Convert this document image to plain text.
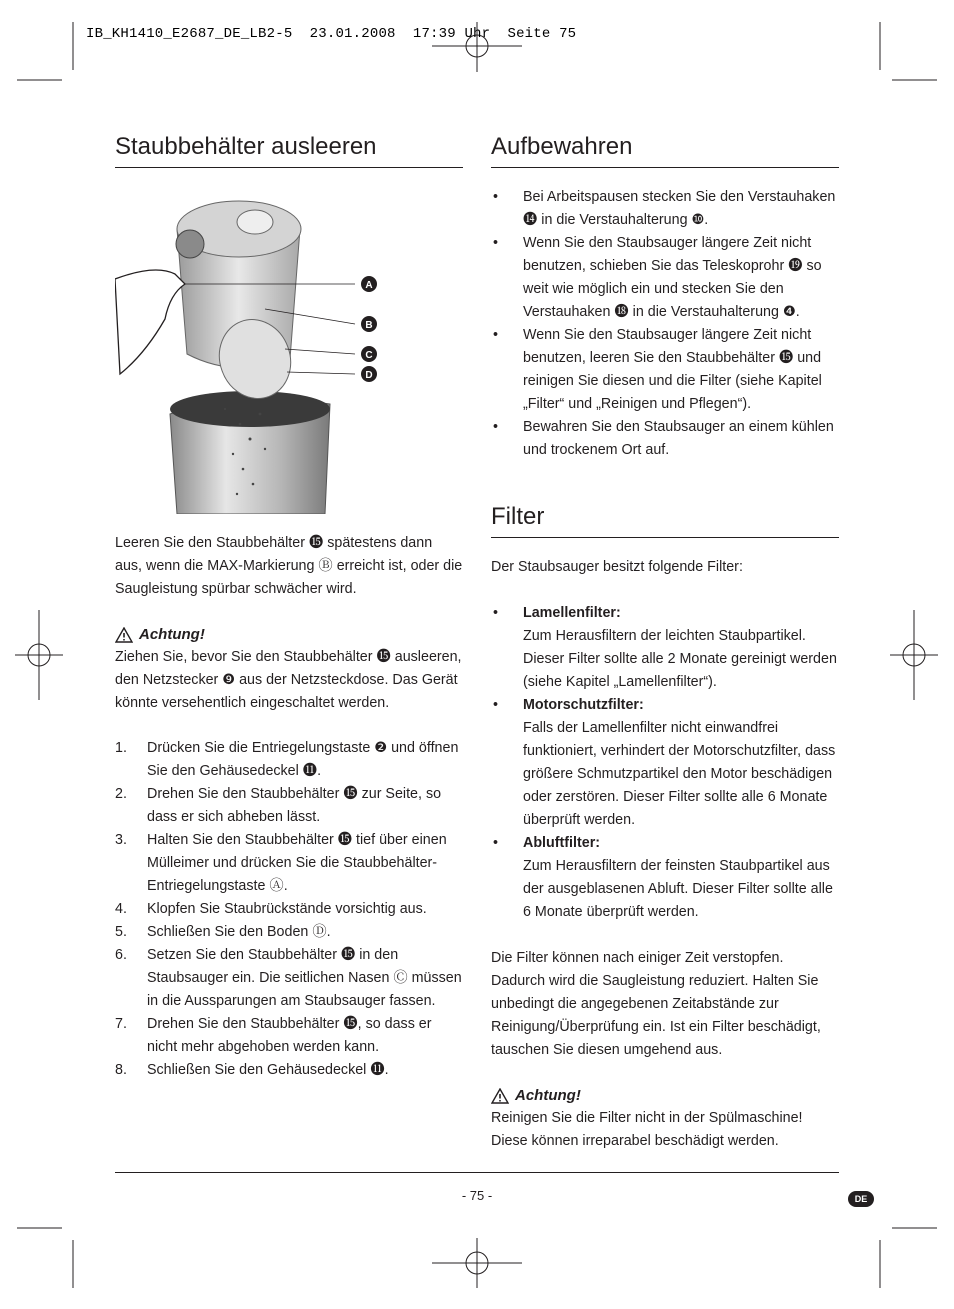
IB_KH1410_E2687_DE_LB2-5  23.01.2008  17:39 Uhr  Seite 75
Staubbehälter ausleeren
A
B
C
D

Leeren Sie den Staubbehälter ⓯ spätestens dann aus, wenn die MAX-Markierung Ⓑ erreicht ist, oder die Saugleistung spürbar schwächer wird.

Achtung!

Ziehen Sie, bevor Sie den Staubbehälter ⓯ ausleeren, den Netzstecker ❾ aus der Netzsteckdose. Das Gerät könnte versehentlich eingeschaltet werden.

1. Drücken Sie die Entriegelungstaste ❷ und öffnen Sie den Gehäusedeckel ⓫.
2. Drehen Sie den Staubbehälter ⓯ zur Seite, so dass er sich abheben lässt.
3. Halten Sie den Staubbehälter ⓯ tief über einen Mülleimer und drücken Sie die Staubbehälter-Entriegelungstaste Ⓐ.
4. Klopfen Sie Staubrückstände vorsichtig aus.
5. Schließen Sie den Boden Ⓓ.
6. Setzen Sie den Staubbehälter ⓯ in den Staubsauger ein. Die seitlichen Nasen Ⓒ müssen in die Aussparungen am Staubsauger fassen.
7. Drehen Sie den Staubbehälter ⓯, so dass er nicht mehr abgehoben werden kann.
8. Schließen Sie den Gehäusedeckel ⓫.
Aufbewahren
• Bei Arbeitspausen stecken Sie den Verstauhaken ⓮ in die Verstauhalterung ❿.
• Wenn Sie den Staubsauger längere Zeit nicht benutzen, schieben Sie das Teleskoprohr ⓳ so weit wie möglich ein und stecken Sie den Verstauhaken ⓲ in die Verstauhalterung ❹.
• Wenn Sie den Staubsauger längere Zeit nicht benutzen, leeren Sie den Staubbehälter ⓯ und reinigen Sie diesen und die Filter (siehe Kapitel „Filter“ und „Reinigen und Pflegen“).
• Bewahren Sie den Staubsauger an einem kühlen und trockenem Ort auf.
Filter

Der Staubsauger besitzt folgende Filter:

• Lamellenfilter:
Zum Herausfiltern der leichten Staubpartikel. Dieser Filter sollte alle 2 Monate gereinigt werden (siehe Kapitel „Lamellenfilter“).
• Motorschutzfilter:
Falls der Lamellenfilter nicht einwandfrei funktioniert, verhindert der Motorschutzfilter, dass größere Schmutzpartikel den Motor beschädigen oder zerstören. Dieser Filter sollte alle 6 Monate überprüft werden.
• Abluftfilter:
Zum Herausfiltern der feinsten Staubpartikel aus der ausgeblasenen Abluft. Dieser Filter sollte alle 6 Monate überprüft werden.

Die Filter können nach einiger Zeit verstopfen. Dadurch wird die Saugleistung reduziert. Halten Sie unbedingt die angegebenen Zeitabstände zur Reinigung/Überprüfung ein. Ist ein Filter beschädigt, tauschen Sie diesen umgehend aus.

Achtung!

Reinigen Sie die Filter nicht in der Spülmaschine! Diese können irreparabel beschädigt werden.

- 75 -	DE
